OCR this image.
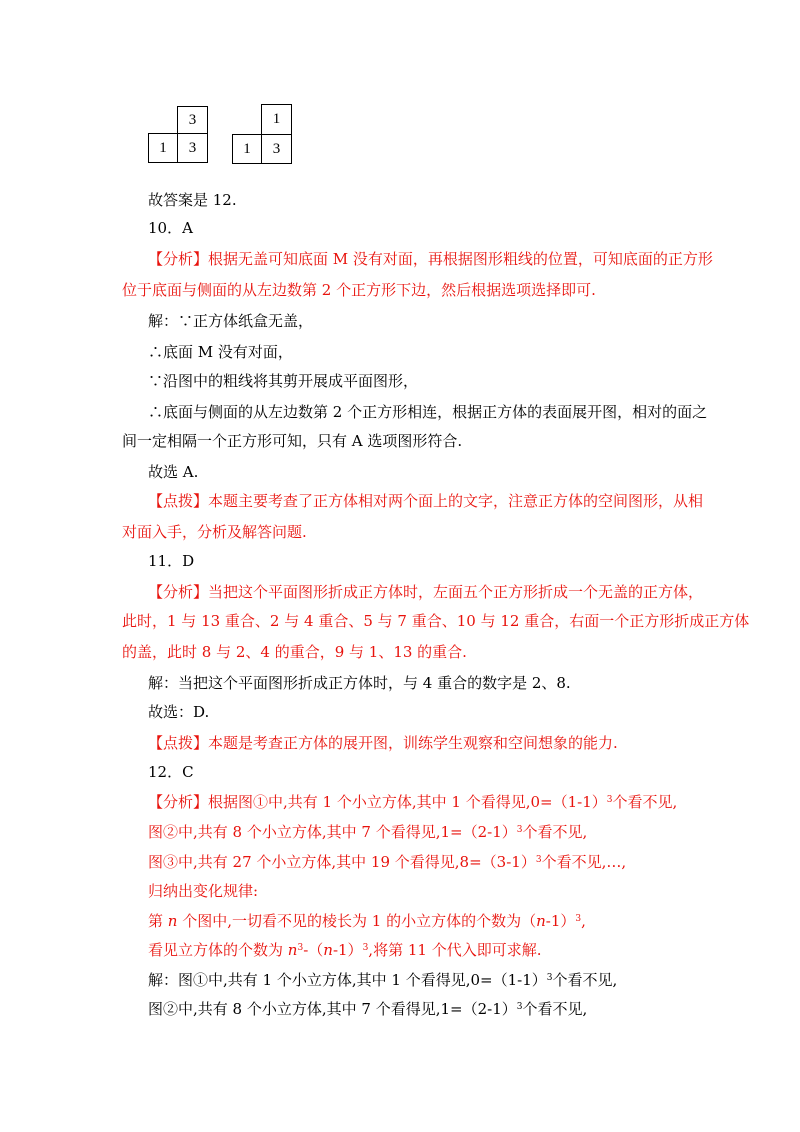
3
1	3
1
1	3
故答案是 12.
10．A
【分析】根据无盖可知底面 M 没有对面，再根据图形粗线的位置，可知底面的正方形
位于底面与侧面的从左边数第 2 个正方形下边，然后根据选项选择即可.
解：∵正方体纸盒无盖，
∴底面 M 没有对面，
∵沿图中的粗线将其剪开展成平面图形，
∴底面与侧面的从左边数第 2 个正方形相连，根据正方体的表面展开图，相对的面之
间一定相隔一个正方形可知，只有 A 选项图形符合.
故选 A.
【点拨】本题主要考查了正方体相对两个面上的文字，注意正方体的空间图形，从相
对面入手，分析及解答问题.
11．D
【分析】当把这个平面图形折成正方体时，左面五个正方形折成一个无盖的正方体，
此时，1 与 13 重合、2 与 4 重合、5 与 7 重合、10 与 12 重合，右面一个正方形折成正方体
的盖，此时 8 与 2、4 的重合，9 与 1、13 的重合.
解：当把这个平面图形折成正方体时，与 4 重合的数字是 2、8.
故选：D.
【点拨】本题是考查正方体的展开图，训练学生观察和空间想象的能力.
12．C
【分析】根据图①中,共有 1 个小立方体,其中 1 个看得见$,0=(1-1)^3$个看不见,
图②中,共有 8 个小立方体,其中 7 个看得见$,1=(2-1)^3$个看不见,
图③中,共有 27 个小立方体,其中 19 个看得见$,8=(3-1)^3$个看不见,…,
归纳出变化规律:
第 n 个图中,一切看不见的棱长为 1 的小立方体的个数为$(n-1)^3$,
看见立方体的个数为 $n^3-(n-1)^3$,将第 11 个代入即可求解.
解：图①中,共有 1 个小立方体,其中 1 个看得见$,0=(1-1)^3$个看不见,
图②中,共有 8 个小立方体,其中 7 个看得见$,1=(2-1)^3$个看不见,
